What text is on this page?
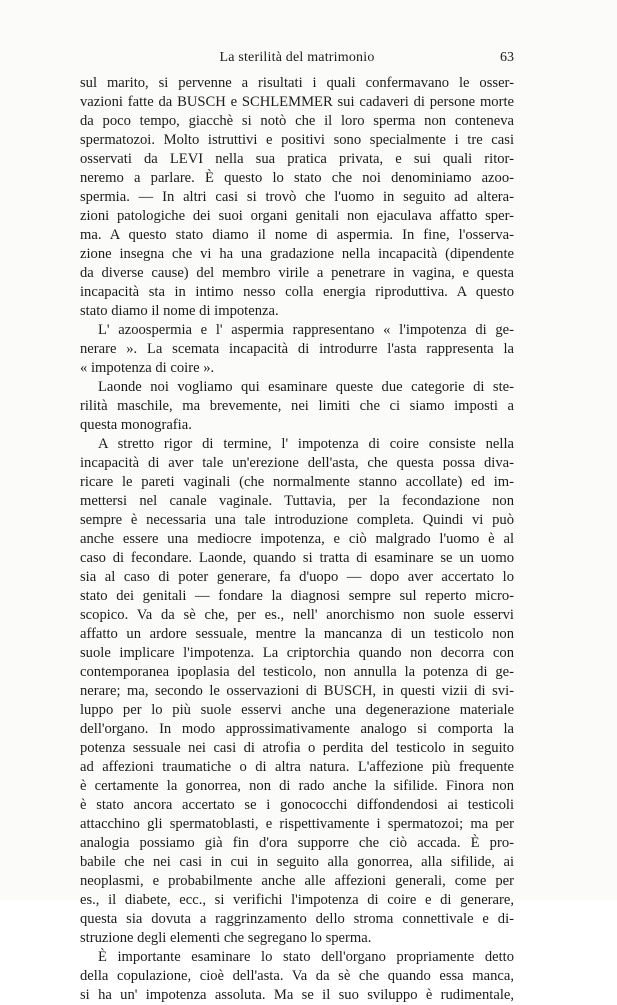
La sterilità del matrimonio	63
sul marito, si pervenne a risultati i quali confermavano le osser-
vazioni fatte da BUSCH e SCHLEMMER sui cadaveri di persone morte
da poco tempo, giacchè si notò che il loro sperma non conteneva
spermatozoi. Molto istruttivi e positivi sono specialmente i tre casi
osservati da LEVI nella sua pratica privata, e sui quali ritor-
neremo a parlare. È questo lo stato che noi denominiamo azoo-
spermia. — In altri casi si trovò che l'uomo in seguito ad altera-
zioni patologiche dei suoi organi genitali non ejaculava affatto sper-
ma. A questo stato diamo il nome di aspermia. In fine, l'osserva-
zione insegna che vi ha una gradazione nella incapacità (dipendente
da diverse cause) del membro virile a penetrare in vagina, e questa
incapacità sta in intimo nesso colla energia riproduttiva. A questo
stato diamo il nome di impotenza.
L' azoospermia e l' aspermia rappresentano « l'impotenza di ge-
nerare ». La scemata incapacità di introdurre l'asta rappresenta la
« impotenza di coire ».
Laonde noi vogliamo qui esaminare queste due categorie di ste-
rilità maschile, ma brevemente, nei limiti che ci siamo imposti a
questa monografia.
A stretto rigor di termine, l' impotenza di coire consiste nella
incapacità di aver tale un'erezione dell'asta, che questa possa diva-
ricare le pareti vaginali (che normalmente stanno accollate) ed im-
mettersi nel canale vaginale. Tuttavia, per la fecondazione non
sempre è necessaria una tale introduzione completa. Quindi vi può
anche essere una mediocre impotenza, e ciò malgrado l'uomo è al
caso di fecondare. Laonde, quando si tratta di esaminare se un uomo
sia al caso di poter generare, fa d'uopo — dopo aver accertato lo
stato dei genitali — fondare la diagnosi sempre sul reperto micro-
scopico. Va da sè che, per es., nell' anorchismo non suole esservi
affatto un ardore sessuale, mentre la mancanza di un testicolo non
suole implicare l'impotenza. La criptorchia quando non decorra con
contemporanea ipoplasia del testicolo, non annulla la potenza di ge-
nerare; ma, secondo le osservazioni di BUSCH, in questi vizii di svi-
luppo per lo più suole esservi anche una degenerazione materiale
dell'organo. In modo approssimativamente analogo si comporta la
potenza sessuale nei casi di atrofia o perdita del testicolo in seguito
ad affezioni traumatiche o di altra natura. L'affezione più frequente
è certamente la gonorrea, non di rado anche la sifilide. Finora non
è stato ancora accertato se i gonococchi diffondendosi ai testicoli
attacchino gli spermatoblasti, e rispettivamente i spermatozoi; ma per
analogia possiamo già fin d'ora supporre che ciò accada. È pro-
babile che nei casi in cui in seguito alla gonorrea, alla sifilide, ai
neoplasmi, e probabilmente anche alle affezioni generali, come per
es., il diabete, ecc., si verifichi l'impotenza di coire e di generare,
questa sia dovuta a raggrinzamento dello stroma connettivale e di-
struzione degli elementi che segregano lo sperma.
È importante esaminare lo stato dell'organo propriamente detto
della copulazione, cioè dell'asta. Va da sè che quando essa manca,
si ha un' impotenza assoluta. Ma se il suo sviluppo è rudimentale,
